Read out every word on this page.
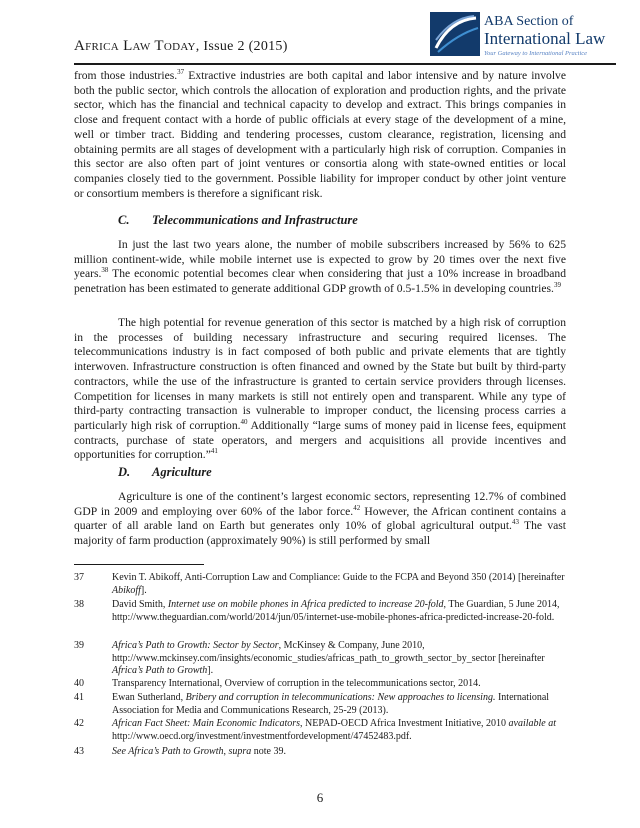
Africa Law Today, Issue 2 (2015)
ABA Section of
International Law
Your Gateway to International Practice

from those industries.$^{37}$ Extractive industries are both capital and labor intensive and by nature involve both the public sector, which controls the allocation of exploration and production rights, and the private sector, which has the financial and technical capacity to develop and extract. This brings companies in close and frequent contact with a horde of public officials at every stage of the development of a mine, well or timber tract. Bidding and tendering processes, custom clearance, registration, licensing and obtaining permits are all stages of development with a particularly high risk of corruption. Companies in this sector are also often part of joint ventures or consortia along with state-owned entities or local companies closely tied to the government. Possible liability for improper conduct by other joint venture or consortium members is therefore a significant risk.

C. Telecommunications and Infrastructure

In just the last two years alone, the number of mobile subscribers increased by 56% to 625 million continent-wide, while mobile internet use is expected to grow by 20 times over the next five years.$^{38}$ The economic potential becomes clear when considering that just a 10% increase in broadband penetration has been estimated to generate additional GDP growth of 0.5-1.5% in developing countries.$^{39}$

The high potential for revenue generation of this sector is matched by a high risk of corruption in the processes of building necessary infrastructure and securing required licenses. The telecommunications industry is in fact composed of both public and private elements that are tightly interwoven. Infrastructure construction is often financed and owned by the State but built by third-party contractors, while the use of the infrastructure is granted to certain service providers through licenses. Competition for licenses in many markets is still not entirely open and transparent. While any type of third-party contracting transaction is vulnerable to improper conduct, the licensing process carries a particularly high risk of corruption.$^{40}$ Additionally “large sums of money paid in license fees, equipment contracts, purchase of state operators, and mergers and acquisitions all provide incentives and opportunities for corruption.”$^{41}$

D. Agriculture

Agriculture is one of the continent’s largest economic sectors, representing 12.7% of combined GDP in 2009 and employing over 60% of the labor force.$^{42}$ However, the African continent contains a quarter of all arable land on Earth but generates only 10% of global agricultural output.$^{43}$ The vast majority of farm production (approximately 90%) is still performed by small

37	Kevin T. Abikoff, Anti-Corruption Law and Compliance: Guide to the FCPA and Beyond 350 (2014) [hereinafter Abikoff].
38	David Smith, Internet use on mobile phones in Africa predicted to increase 20-fold, The Guardian, 5 June 2014, http://www.theguardian.com/world/2014/jun/05/internet-use-mobile-phones-africa-predicted-increase-20-fold.
39	Africa’s Path to Growth: Sector by Sector, McKinsey & Company, June 2010, http://www.mckinsey.com/insights/economic_studies/africas_path_to_growth_sector_by_sector [hereinafter Africa’s Path to Growth].
40	Transparency International, Overview of corruption in the telecommunications sector, 2014.
41	Ewan Sutherland, Bribery and corruption in telecommunications: New approaches to licensing. International Association for Media and Communications Research, 25-29 (2013).
42	African Fact Sheet: Main Economic Indicators, NEPAD-OECD Africa Investment Initiative, 2010 available at http://www.oecd.org/investment/investmentfordevelopment/47452483.pdf.
43	See Africa’s Path to Growth, supra note 39.
6
